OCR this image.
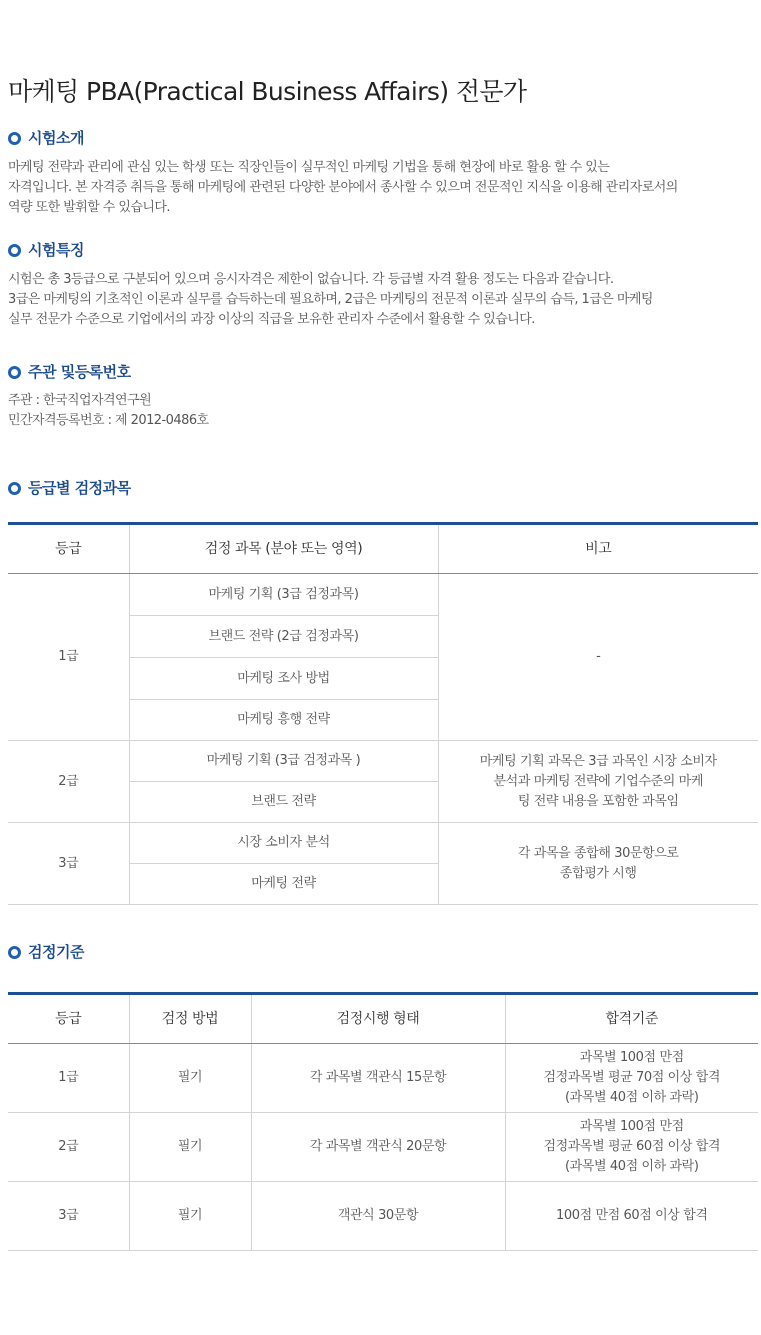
마케팅 PBA(Practical Business Affairs) 전문가
시험소개

마케팅 전략과 관리에 관심 있는 학생 또는 직장인들이 실무적인 마케팅 기법을 통해 현장에 바로 활용 할 수 있는
자격입니다. 본 자격증 취득을 통해 마케팅에 관련된 다양한 분야에서 종사할 수 있으며 전문적인 지식을 이용해 관리자로서의
역량 또한 발휘할 수 있습니다.

시험특징

시험은 총 3등급으로 구분되어 있으며 응시자격은 제한이 없습니다. 각 등급별 자격 활용 정도는 다음과 같습니다.
3급은 마케팅의 기초적인 이론과 실무를 습득하는데 필요하며, 2급은 마케팅의 전문적 이론과 실무의 습득, 1급은 마케팅
실무 전문가 수준으로 기업에서의 과장 이상의 직급을 보유한 관리자 수준에서 활용할 수 있습니다.

주관 및등록번호

주관 : 한국직업자격연구원
민간자격등록번호 : 제 2012-0486호

등급별 검정과목
등급	검정 과목 (분야 또는 영역)	비고
1급	마케팅 기획 (3급 검정과목)	-
	브랜드 전략 (2급 검정과목)	
	마케팅 조사 방법	
	마케팅 흥행 전략	
2급	마케팅 기획 (3급 검정과목 )	마케팅 기획 과목은 3급 과목인 시장 소비자
분석과 마케팅 전략에 기업수준의 마케
팅 전략 내용을 포함한 과목임
	브랜드 전략	
3급	시장 소비자 분석	각 과목을 종합해 30문항으로
종합평가 시행
	마케팅 전략	
검정기준
등급	검정 방법	검정시행 형태	합격기준
1급	필기	각 과목별 객관식 15문항	과목별 100점 만점
검정과목별 평균 70점 이상 합격
(과목별 40점 이하 과락)
2급	필기	각 과목별 객관식 20문항	과목별 100점 만점
검정과목별 평균 60점 이상 합격
(과목별 40점 이하 과락)
3급	필기	객관식 30문항	100점 만점 60점 이상 합격
